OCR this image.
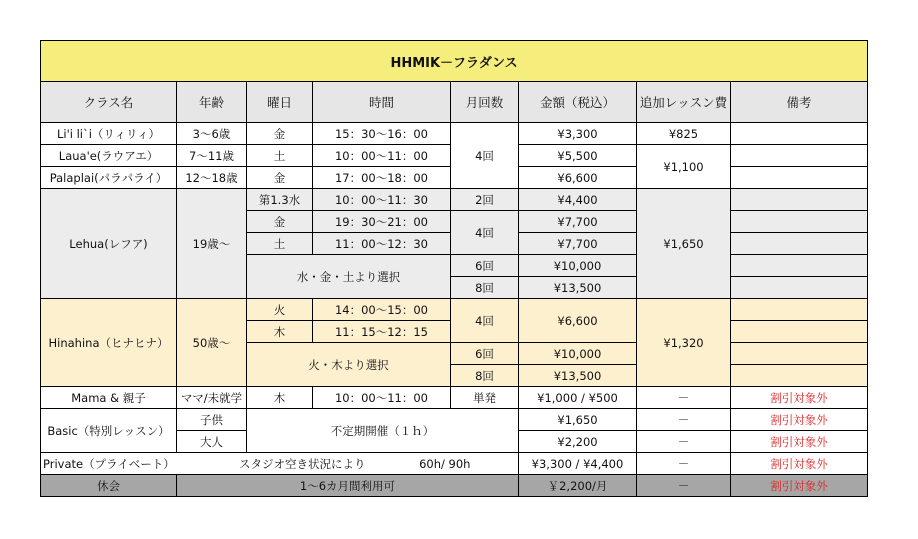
HHMIK－フラダンス							
クラス名	年齢	曜日	時間	月回数	金額（税込）	追加レッスン費	備考
Li'i li`i（リィリィ）	3～6歳	金	15：30～16：00	4回	¥3,300	¥825	
Laua'e(ラウアエ）	7～11歳	土	10：00～11：00		¥5,500	¥1,100	
Palaplai(パラパライ）	12～18歳	金	17：00～18：00		¥6,600		
Lehua(レフア)	19歳～	第1.3水	10：00～11：30	2回	¥4,400	¥1,650	
		金	19：30～21：00	4回	¥7,700		
		土	11：00～12：30		¥7,700		
		水・金・土より選択		6回	¥10,000		
				8回	¥13,500		
Hinahina（ヒナヒナ）	50歳～	火	14：00～15：00	4回	¥6,600	¥1,320	
		木	11：15～12：15				
		火・木より選択		6回	¥10,000		
				8回	¥13,500		
Mama & 親子	ママ/未就学	木	10：00～11：00	単発	¥1,000 / ¥500	－	割引対象外
Basic（特別レッスン）	子供	不定期開催（１ｈ）			¥1,650	－	割引対象外
	大人				¥2,200	－	割引対象外
Private（プライベート）	スタジオ空き状況により 60h/ 90h				¥3,300 / ¥4,400	－	割引対象外
休会	1～6カ月間利用可				￥2,200/月	－	割引対象外
